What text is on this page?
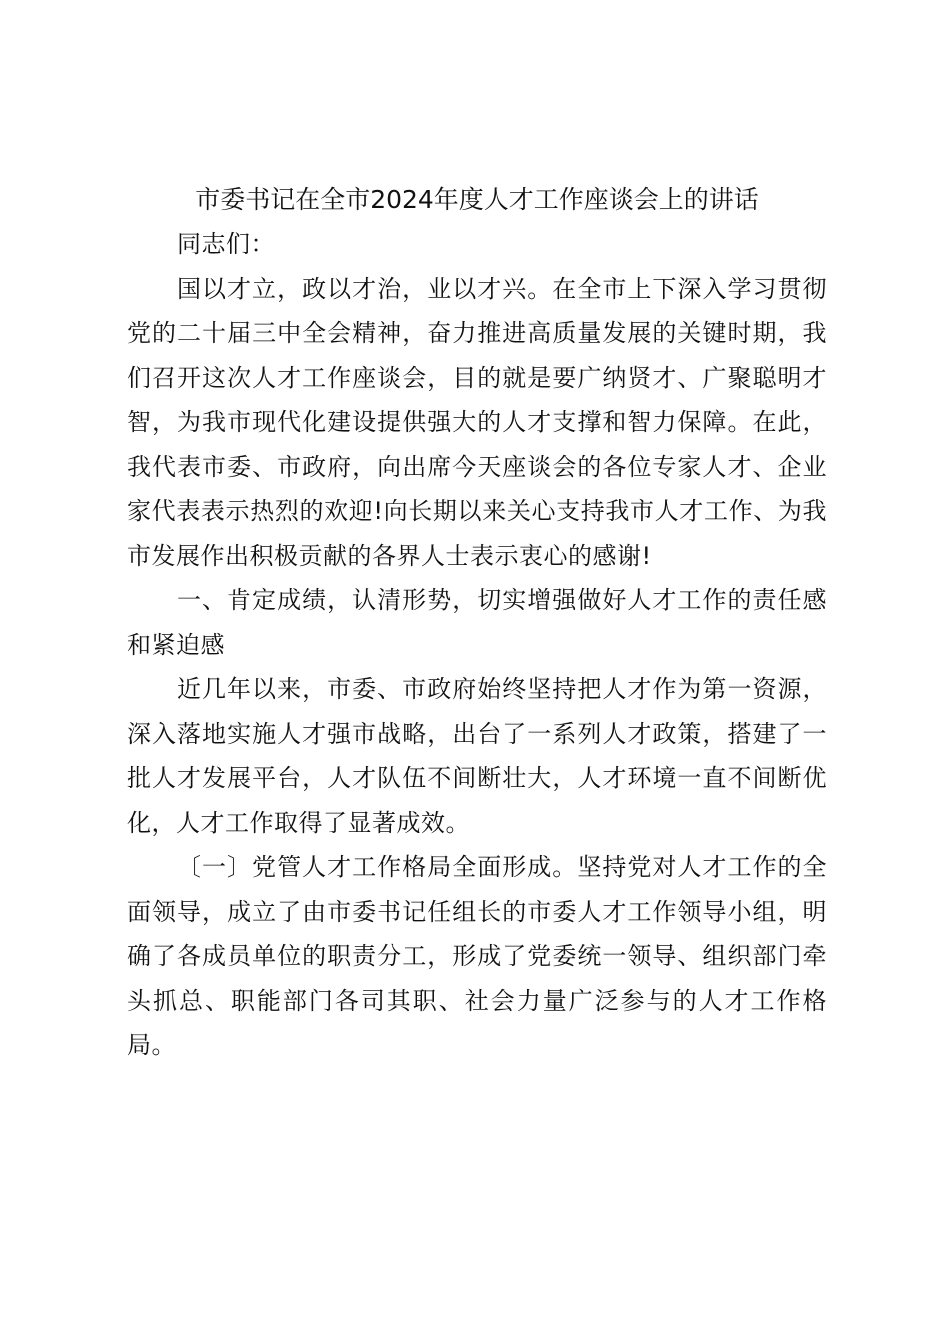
市委书记在全市2024年度人才工作座谈会上的讲话

同志们：

国以才立，政以才治，业以才兴。在全市上下深入学习贯彻党的二十届三中全会精神，奋力推进高质量发展的关键时期，我们召开这次人才工作座谈会，目的就是要广纳贤才、广聚聪明才智，为我市现代化建设提供强大的人才支撑和智力保障。在此，我代表市委、市政府，向出席今天座谈会的各位专家人才、企业家代表表示热烈的欢迎!向长期以来关心支持我市人才工作、为我市发展作出积极贡献的各界人士表示衷心的感谢!

一、肯定成绩，认清形势，切实增强做好人才工作的责任感和紧迫感

近几年以来，市委、市政府始终坚持把人才作为第一资源，深入落地实施人才强市战略，出台了一系列人才政策，搭建了一批人才发展平台，人才队伍不间断壮大，人才环境一直不间断优化，人才工作取得了显著成效。

〔一〕党管人才工作格局全面形成。坚持党对人才工作的全面领导，成立了由市委书记任组长的市委人才工作领导小组，明确了各成员单位的职责分工，形成了党委统一领导、组织部门牵头抓总、职能部门各司其职、社会力量广泛参与的人才工作格局。
